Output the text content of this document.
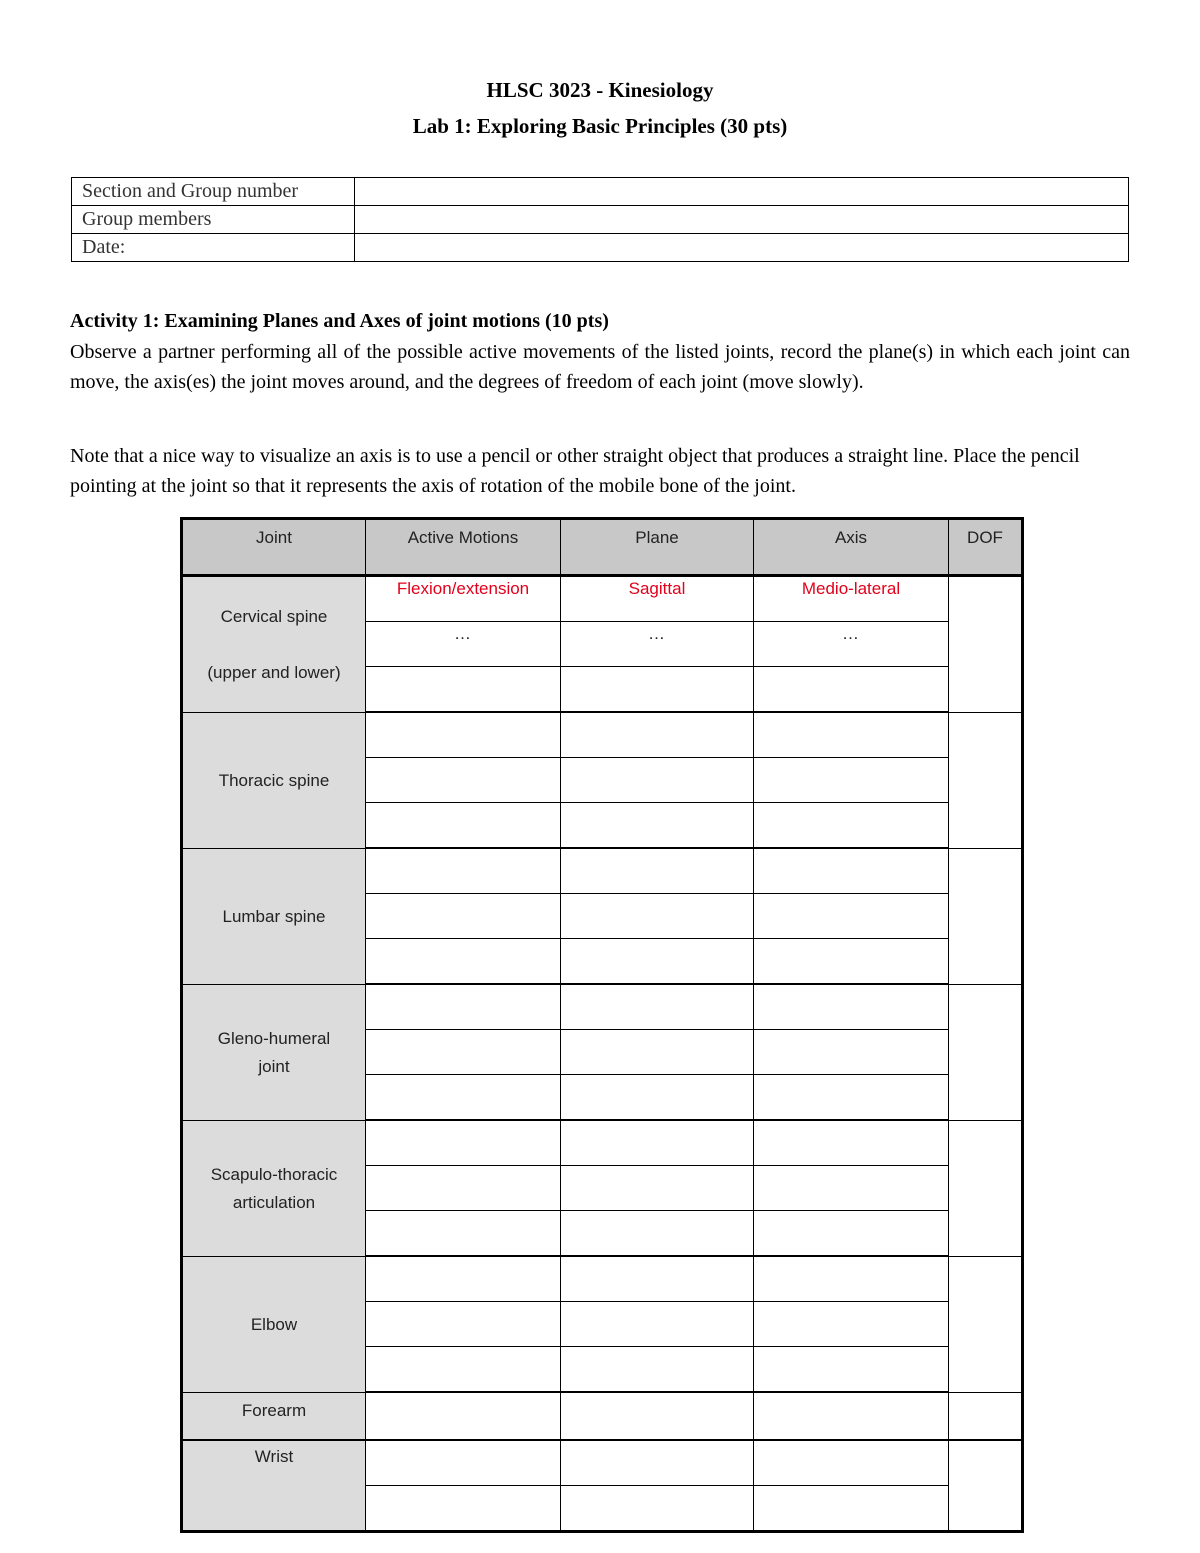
HLSC 3023 - Kinesiology
Lab 1: Exploring Basic Principles (30 pts)
Section and Group number	
Group members	
Date:	
Activity 1: Examining Planes and Axes of joint motions (10 pts)
Observe a partner performing all of the possible active movements of the listed joints, record the plane(s) in which each joint can move, the axis(es) the joint moves around, and the degrees of freedom of each joint (move slowly).
Note that a nice way to visualize an axis is to use a pencil or other straight object that produces a straight line. Place the pencil pointing at the joint so that it represents the axis of rotation of the mobile bone of the joint.
Joint	Active Motions	Plane	Axis	DOF
Cervical spine

(upper and lower)	Flexion/extension	Sagittal	Medio-lateral	
	…	…	…	

Thoracic spine				

Lumbar spine				

Gleno-humeral
joint				

Scapulo-thoracic
articulation				

Elbow				

Forearm				
Wrist				
